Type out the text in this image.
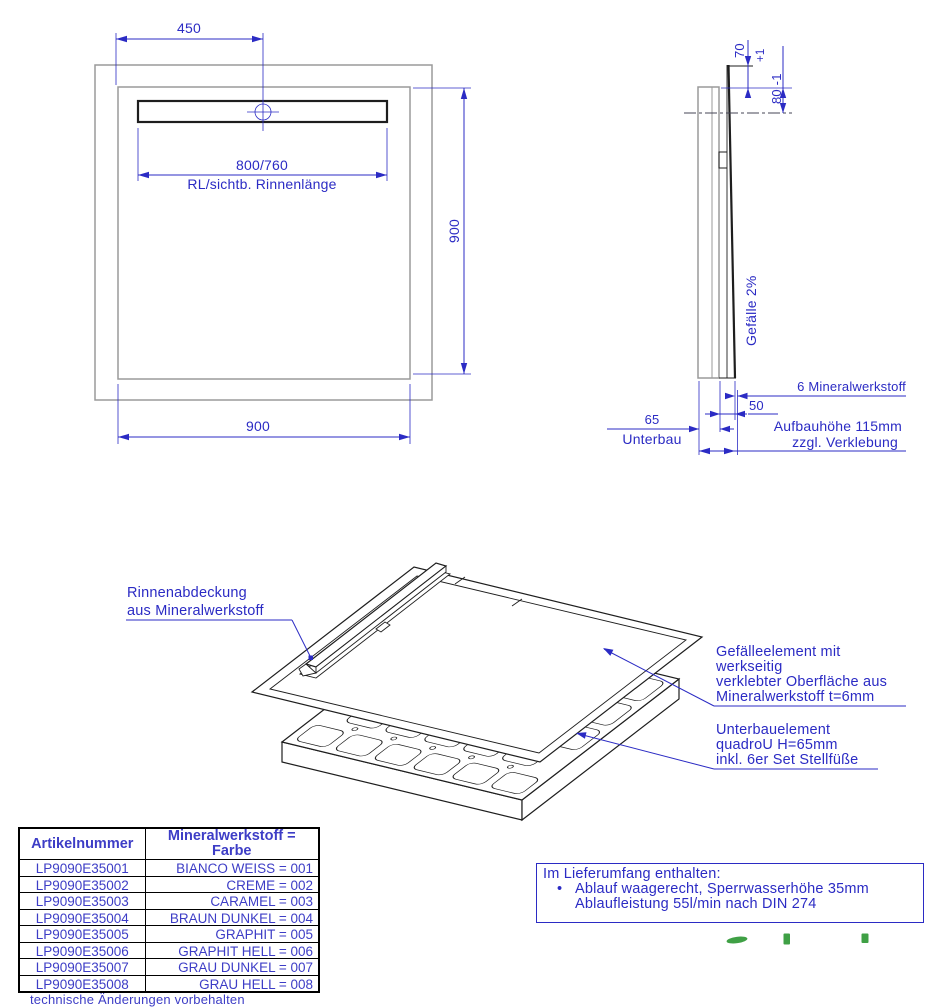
450
800/760
RL/sichtb. Rinnenlänge
900
900
70 +1
80 -1
Gefälle 2%
6 Mineralwerkstoff
50
65
Unterbau
Aufbauhöhe 115mm
zzgl. Verklebung
Rinnenabdeckung
aus Mineralwerkstoff
Gefälleelement mit
werkseitig
verklebter Oberfläche aus
Mineralwerkstoff t=6mm
Unterbauelement
quadroU H=65mm
inkl. 6er Set Stellfüße
Artikelnummer	Mineralwerkstoff =
Farbe

LP9090E35001	BIANCO WEISS = 001
LP9090E35002	CREME = 002
LP9090E35003	CARAMEL = 003
LP9090E35004	BRAUN DUNKEL = 004
LP9090E35005	GRAPHIT = 005
LP9090E35006	GRAPHIT HELL = 006
LP9090E35007	GRAU DUNKEL = 007
LP9090E35008	GRAU HELL = 008
Im Lieferumfang enthalten:
• Ablauf waagerecht, Sperrwasserhöhe 35mm
Ablaufleistung 55l/min nach DIN 274
technische Änderungen vorbehalten
